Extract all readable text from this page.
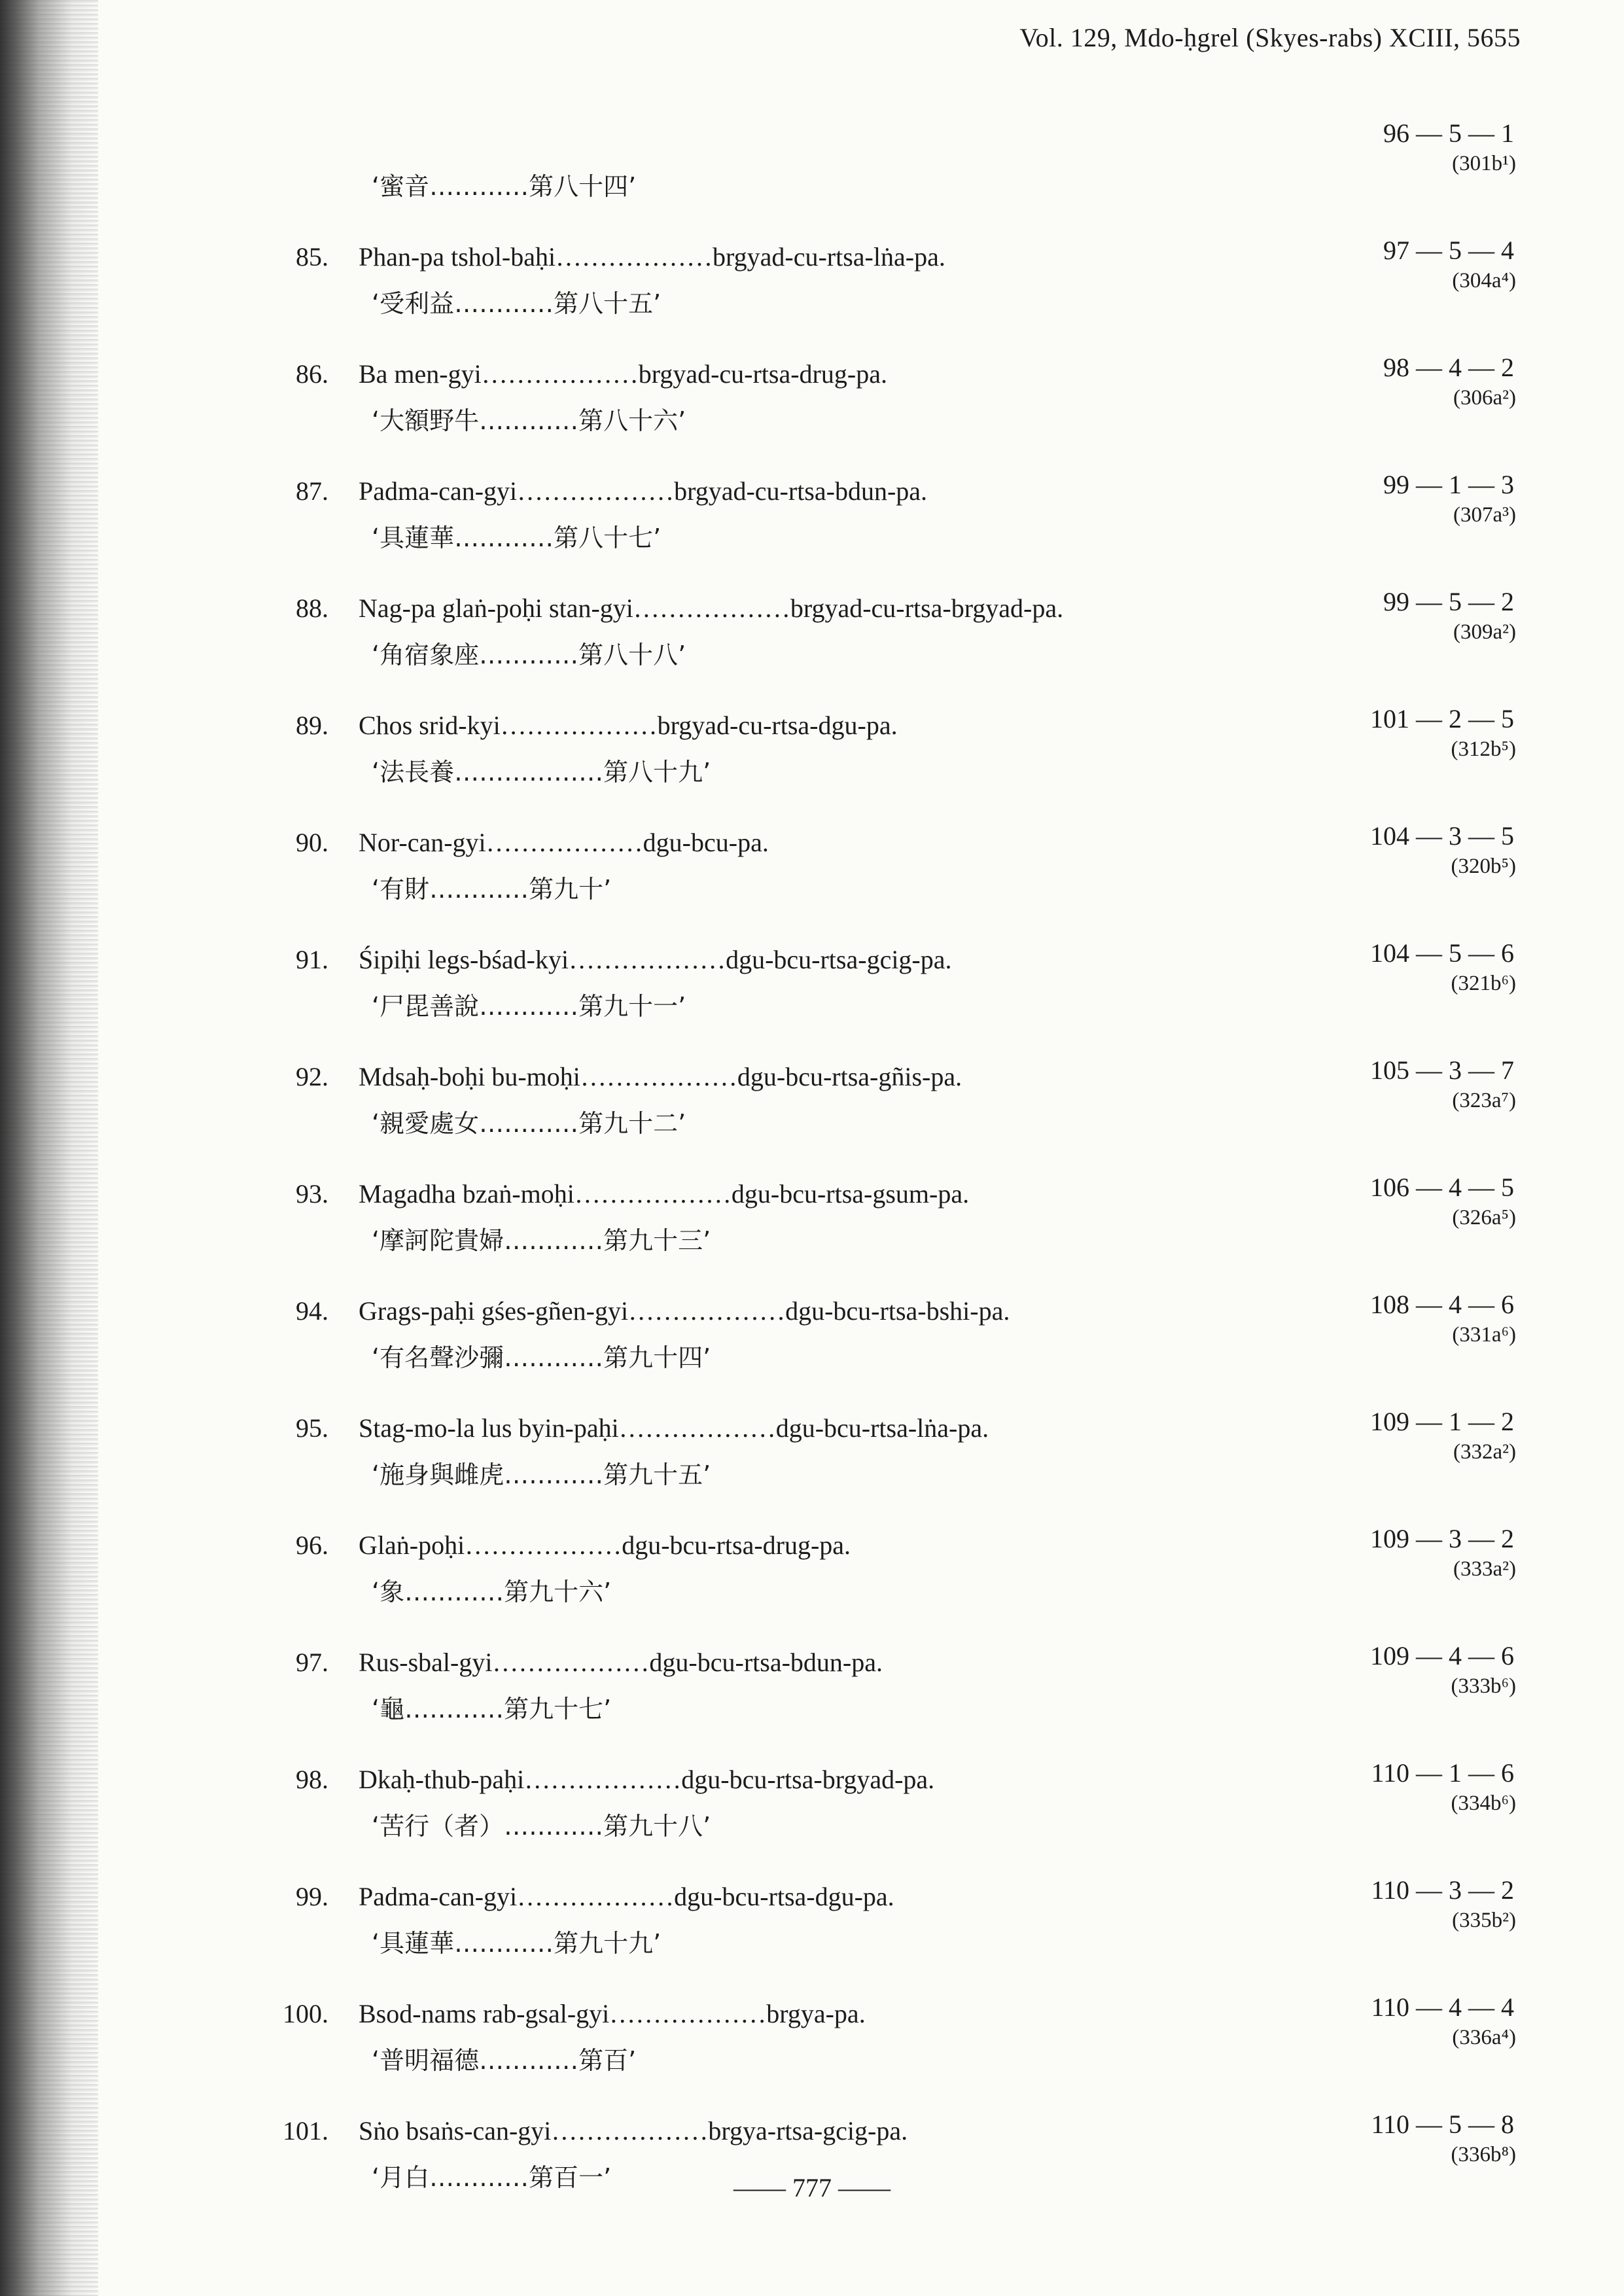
Vol. 129, Mdo-ḥgrel (Skyes-rabs) XCIII, 5655
‘蜜音…………第八十四’
96 — 5 — 1
(301b¹)
85. Phan-pa tshol-baḥi………………brgyad-cu-rtsa-lṅa-pa.
‘受利益…………第八十五’
97 — 5 — 4
(304a⁴)
86. Ba men-gyi………………brgyad-cu-rtsa-drug-pa.
‘大額野牛…………第八十六’
98 — 4 — 2
(306a²)
87. Padma-can-gyi………………brgyad-cu-rtsa-bdun-pa.
‘具蓮華…………第八十七’
99 — 1 — 3
(307a³)
88. Nag-pa glaṅ-poḥi stan-gyi………………brgyad-cu-rtsa-brgyad-pa.
‘角宿象座…………第八十八’
99 — 5 — 2
(309a²)
89. Chos srid-kyi………………brgyad-cu-rtsa-dgu-pa.
‘法長養………………第八十九’
101 — 2 — 5
(312b⁵)
90. Nor-can-gyi………………dgu-bcu-pa.
‘有財…………第九十’
104 — 3 — 5
(320b⁵)
91. Śipiḥi legs-bśad-kyi………………dgu-bcu-rtsa-gcig-pa.
‘尸毘善說…………第九十一’
104 — 5 — 6
(321b⁶)
92. Mdsaḥ-boḥi bu-moḥi………………dgu-bcu-rtsa-gñis-pa.
‘親愛處女…………第九十二’
105 — 3 — 7
(323a⁷)
93. Magadha bzaṅ-moḥi………………dgu-bcu-rtsa-gsum-pa.
‘摩訶陀貴婦…………第九十三’
106 — 4 — 5
(326a⁵)
94. Grags-paḥi gśes-gñen-gyi………………dgu-bcu-rtsa-bshi-pa.
‘有名聲沙彌…………第九十四’
108 — 4 — 6
(331a⁶)
95. Stag-mo-la lus byin-paḥi………………dgu-bcu-rtsa-lṅa-pa.
‘施身與雌虎…………第九十五’
109 — 1 — 2
(332a²)
96. Glaṅ-poḥi………………dgu-bcu-rtsa-drug-pa.
‘象…………第九十六’
109 — 3 — 2
(333a²)
97. Rus-sbal-gyi………………dgu-bcu-rtsa-bdun-pa.
‘龜…………第九十七’
109 — 4 — 6
(333b⁶)
98. Dkaḥ-thub-paḥi………………dgu-bcu-rtsa-brgyad-pa.
‘苦行（者）…………第九十八’
110 — 1 — 6
(334b⁶)
99. Padma-can-gyi………………dgu-bcu-rtsa-dgu-pa.
‘具蓮華…………第九十九’
110 — 3 — 2
(335b²)
100. Bsod-nams rab-gsal-gyi………………brgya-pa.
‘普明福德…………第百’
110 — 4 — 4
(336a⁴)
101. Sṅo bsaṅs-can-gyi………………brgya-rtsa-gcig-pa.
‘月白…………第百一’
110 — 5 — 8
(336b⁸)
—— 777 ——
